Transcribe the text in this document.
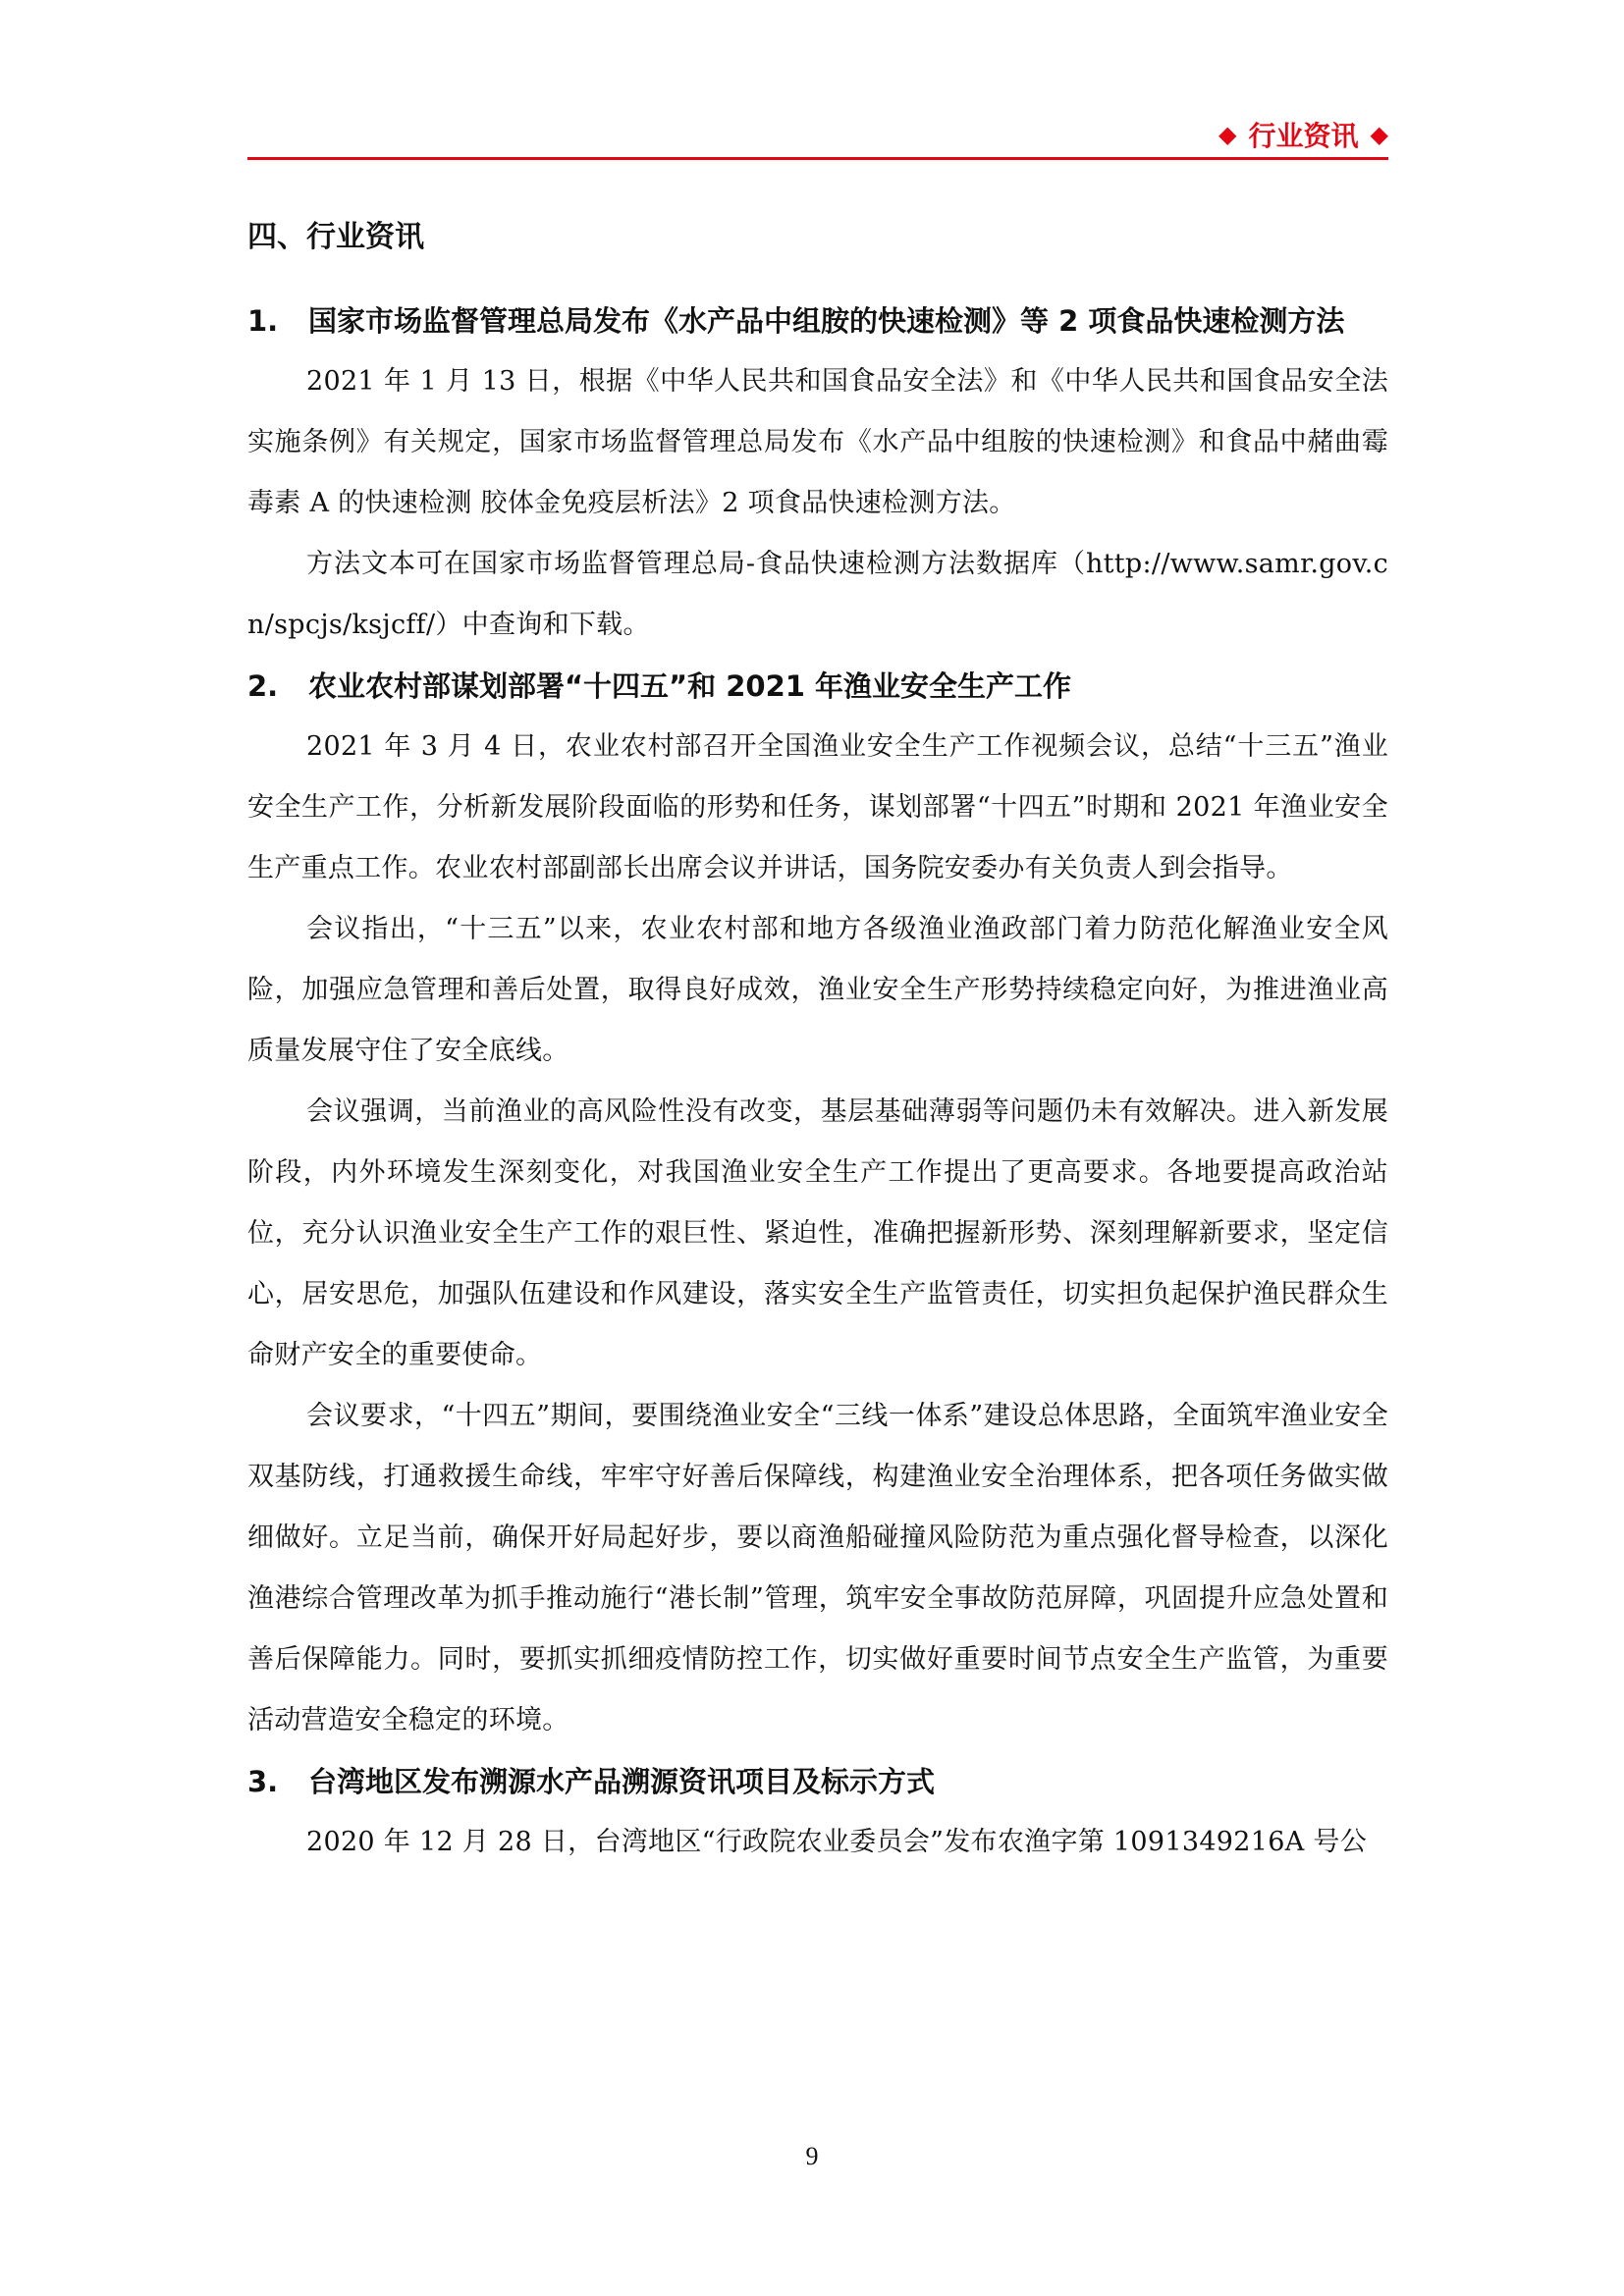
◆ 行业资讯 ◆
四、行业资讯
1.	国家市场监督管理总局发布《水产品中组胺的快速检测》等 2 项食品快速检测方法

2021 年 1 月 13 日，根据《中华人民共和国食品安全法》和《中华人民共和国食品安全法实施条例》有关规定，国家市场监督管理总局发布《水产品中组胺的快速检测》和食品中赭曲霉毒素 A 的快速检测 胶体金免疫层析法》2 项食品快速检测方法。

方法文本可在国家市场监督管理总局-食品快速检测方法数据库（http://www.samr.gov.cn/spcjs/ksjcff/）中查询和下载。

2.	农业农村部谋划部署“十四五”和 2021 年渔业安全生产工作

2021 年 3 月 4 日，农业农村部召开全国渔业安全生产工作视频会议，总结“十三五”渔业安全生产工作，分析新发展阶段面临的形势和任务，谋划部署“十四五”时期和 2021 年渔业安全生产重点工作。农业农村部副部长出席会议并讲话，国务院安委办有关负责人到会指导。

会议指出，“十三五”以来，农业农村部和地方各级渔业渔政部门着力防范化解渔业安全风险，加强应急管理和善后处置，取得良好成效，渔业安全生产形势持续稳定向好，为推进渔业高质量发展守住了安全底线。

会议强调，当前渔业的高风险性没有改变，基层基础薄弱等问题仍未有效解决。进入新发展阶段，内外环境发生深刻变化，对我国渔业安全生产工作提出了更高要求。各地要提高政治站位，充分认识渔业安全生产工作的艰巨性、紧迫性，准确把握新形势、深刻理解新要求，坚定信心，居安思危，加强队伍建设和作风建设，落实安全生产监管责任，切实担负起保护渔民群众生命财产安全的重要使命。

会议要求，“十四五”期间，要围绕渔业安全“三线一体系”建设总体思路，全面筑牢渔业安全双基防线，打通救援生命线，牢牢守好善后保障线，构建渔业安全治理体系，把各项任务做实做细做好。立足当前，确保开好局起好步，要以商渔船碰撞风险防范为重点强化督导检查，以深化渔港综合管理改革为抓手推动施行“港长制”管理，筑牢安全事故防范屏障，巩固提升应急处置和善后保障能力。同时，要抓实抓细疫情防控工作，切实做好重要时间节点安全生产监管，为重要活动营造安全稳定的环境。

3.	台湾地区发布溯源水产品溯源资讯项目及标示方式

2020 年 12 月 28 日，台湾地区“行政院农业委员会”发布农渔字第 1091349216A 号公

9
